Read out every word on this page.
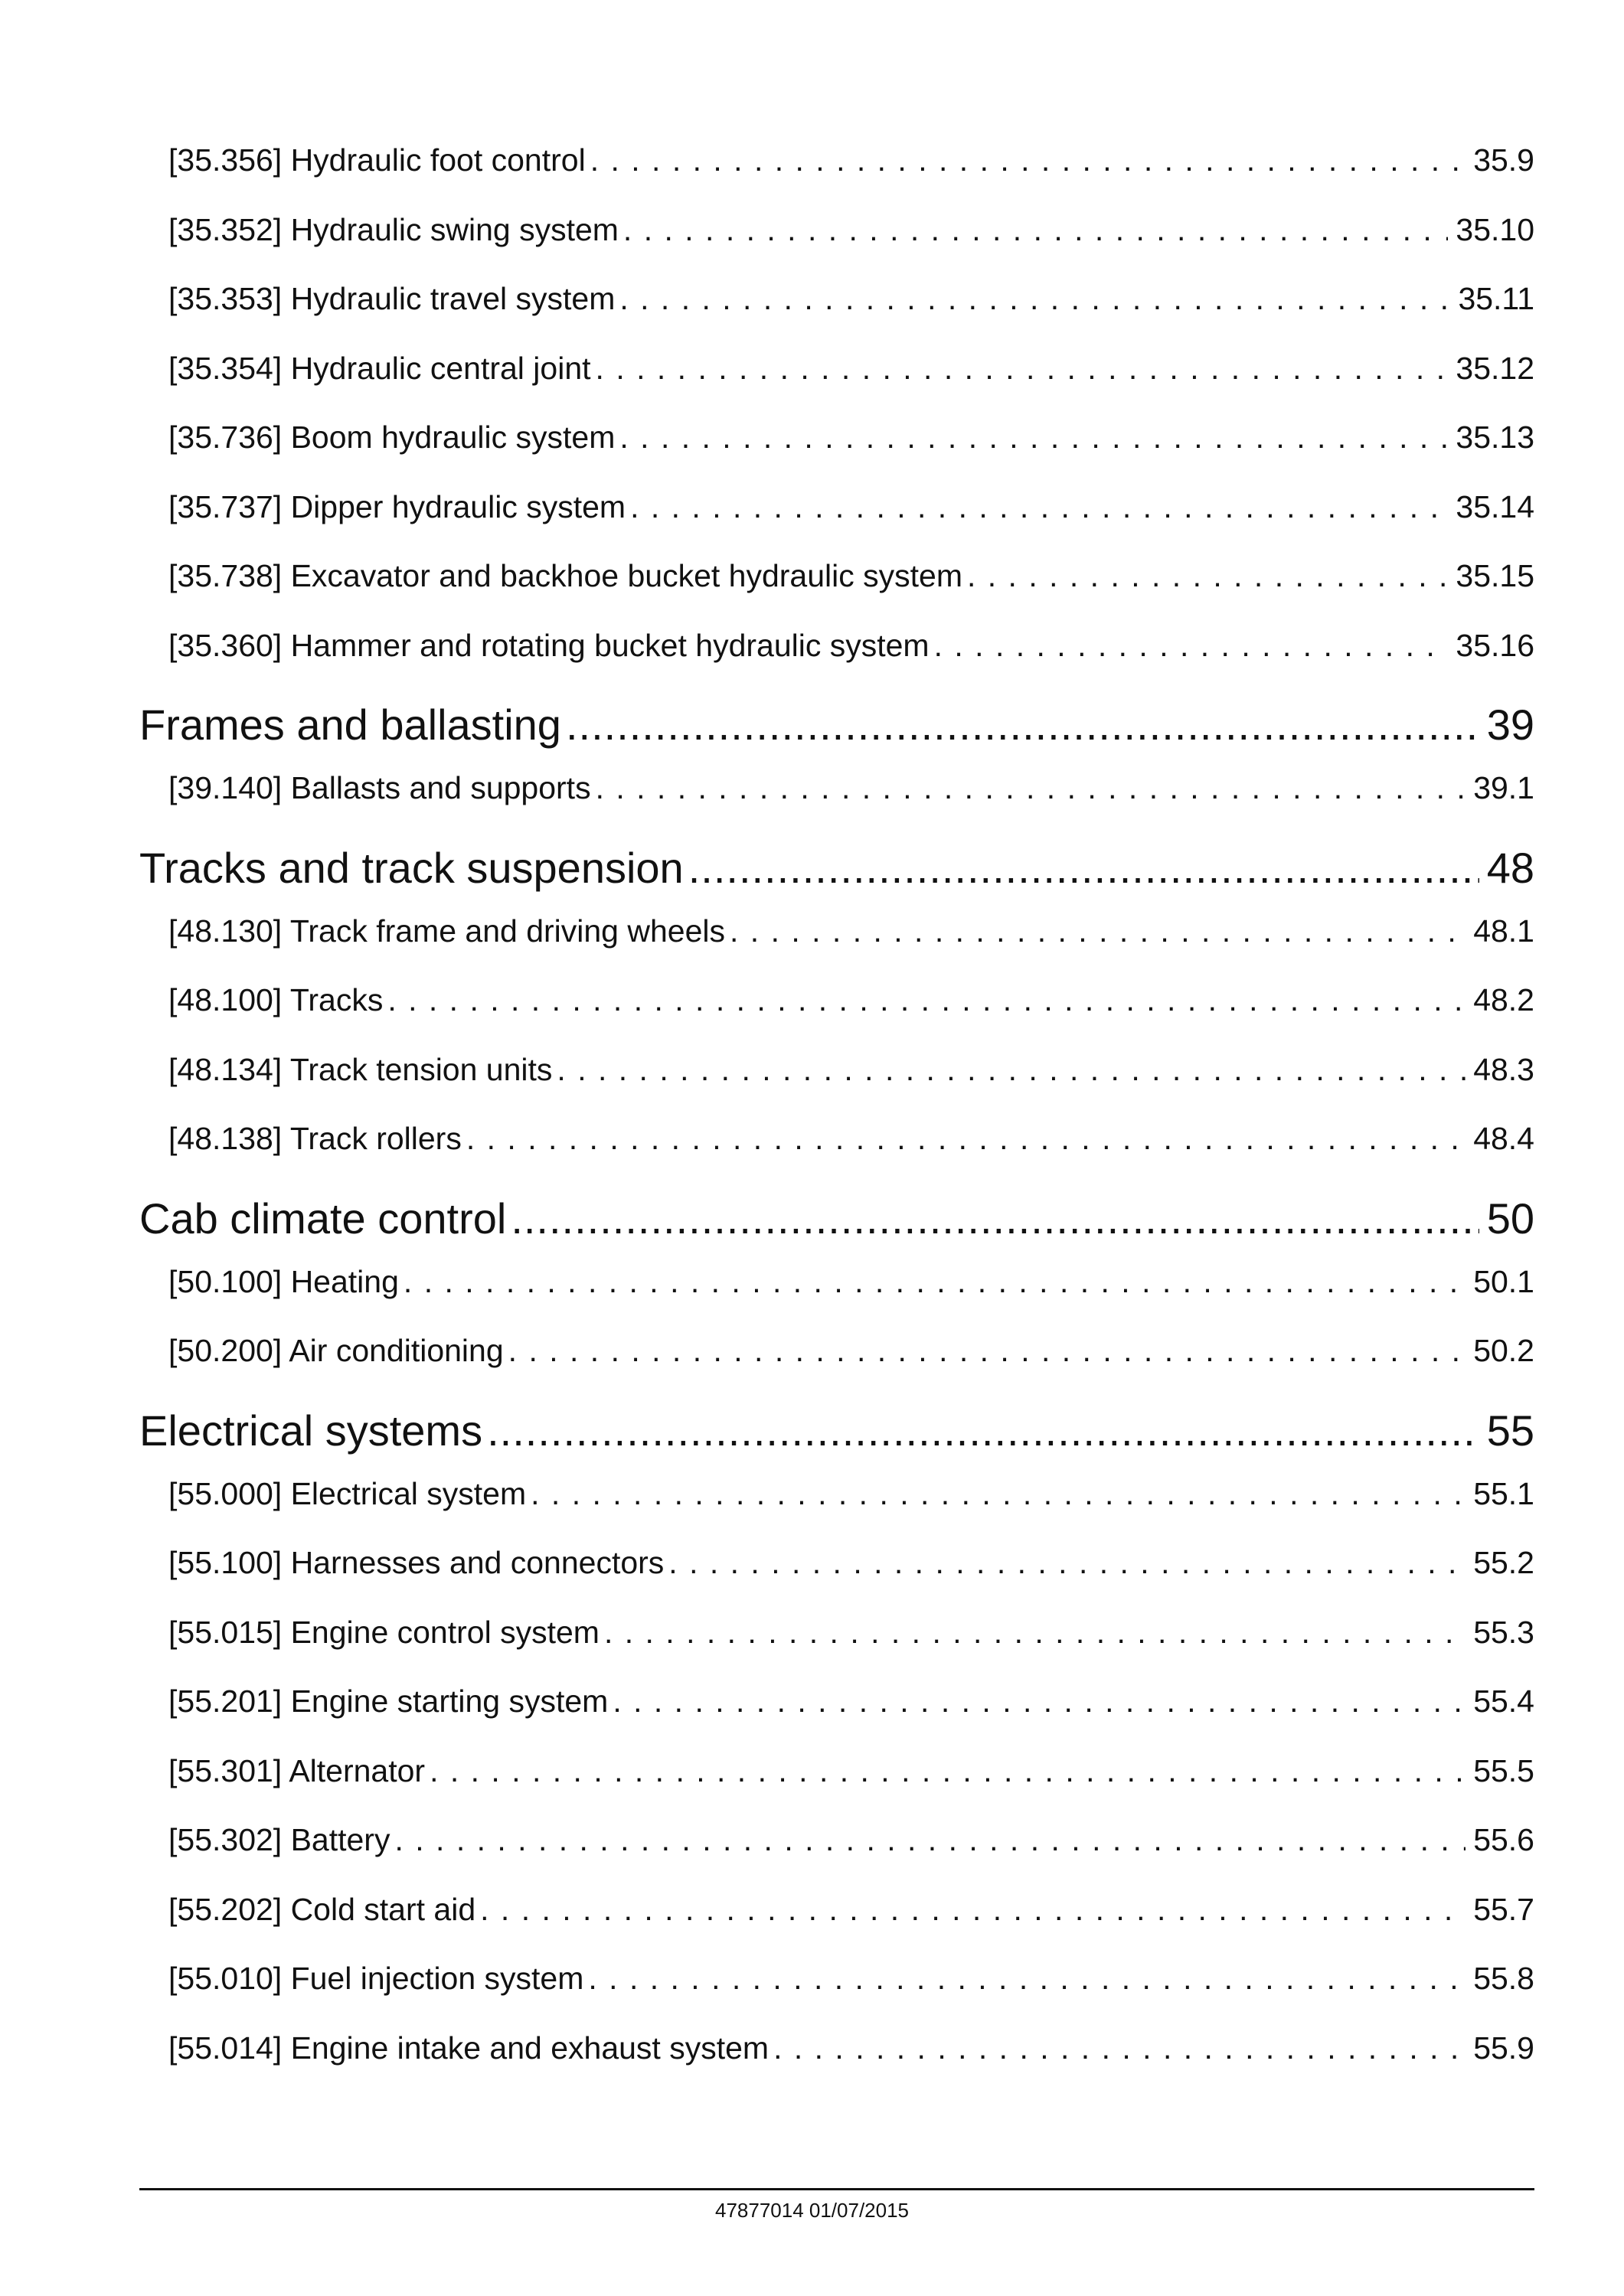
[35.356] Hydraulic foot control . . .	35.9
[35.352] Hydraulic swing system . . .	35.10
[35.353] Hydraulic travel system . . .	35.11
[35.354] Hydraulic central joint . . .	35.12
[35.736] Boom hydraulic system . . .	35.13
[35.737] Dipper hydraulic system . . .	35.14
[35.738] Excavator and backhoe bucket hydraulic system . . .	35.15
[35.360] Hammer and rotating bucket hydraulic system . . .	35.16
Frames and ballasting .....	39
[39.140] Ballasts and supports . . .	39.1
Tracks and track suspension .....	48
[48.130] Track frame and driving wheels . . .	48.1
[48.100] Tracks . . .	48.2
[48.134] Track tension units . . .	48.3
[48.138] Track rollers . . .	48.4
Cab climate control .....	50
[50.100] Heating . . .	50.1
[50.200] Air conditioning . . .	50.2
Electrical systems .....	55
[55.000] Electrical system . . .	55.1
[55.100] Harnesses and connectors . . .	55.2
[55.015] Engine control system . . .	55.3
[55.201] Engine starting system . . .	55.4
[55.301] Alternator . . .	55.5
[55.302] Battery . . .	55.6
[55.202] Cold start aid . . .	55.7
[55.010] Fuel injection system . . .	55.8
[55.014] Engine intake and exhaust system . . .	55.9
47877014 01/07/2015
